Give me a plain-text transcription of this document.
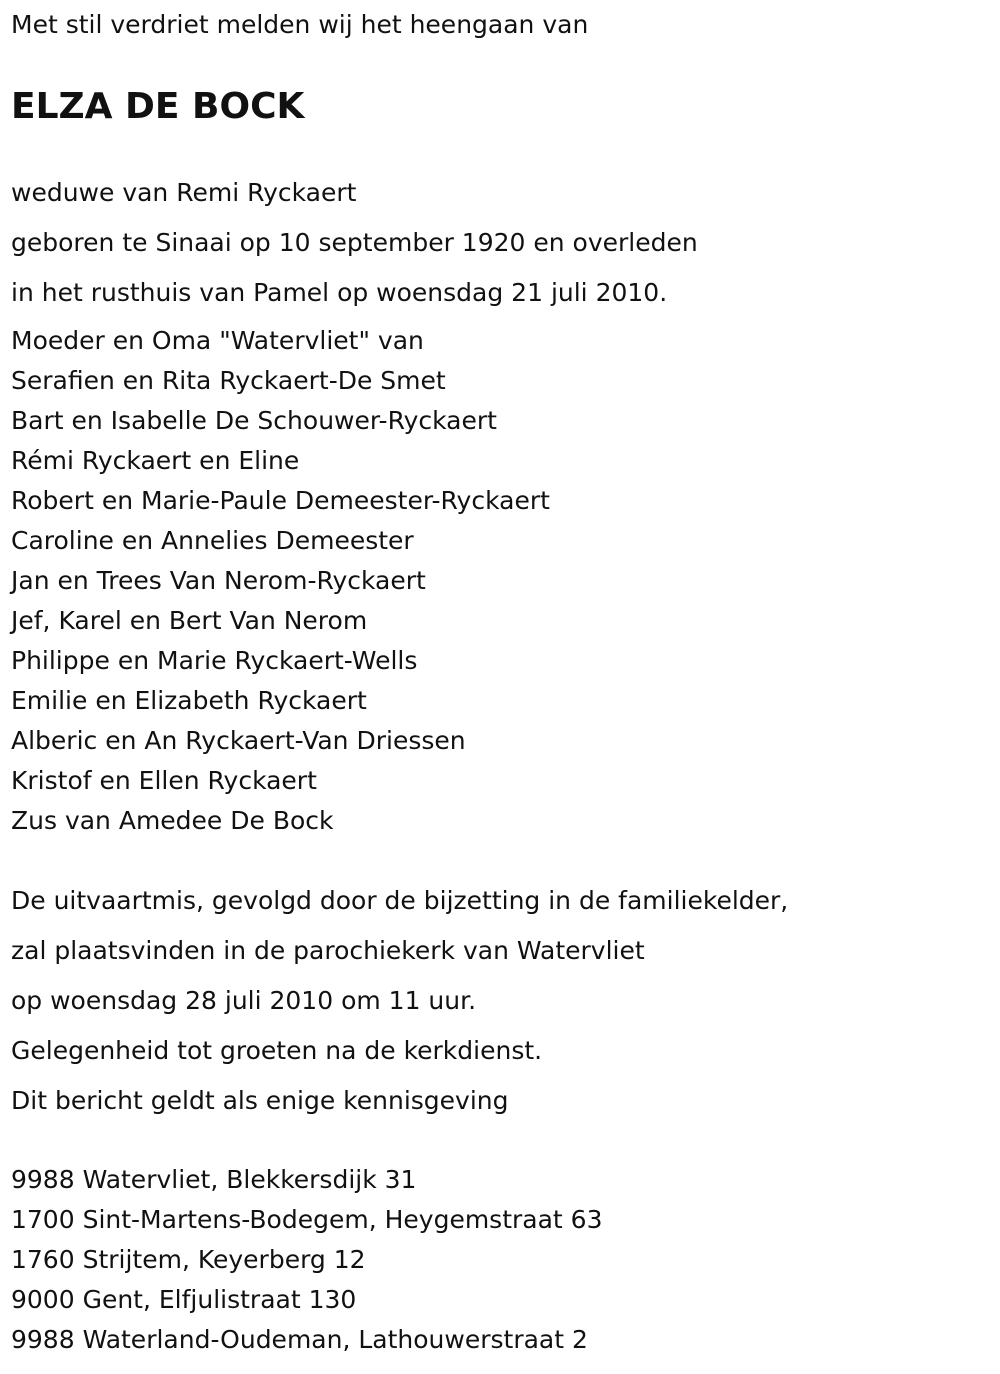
Met stil verdriet melden wij het heengaan van

ELZA DE BOCK

weduwe van Remi Ryckaert

geboren te Sinaai op 10 september 1920 en overleden

in het rusthuis van Pamel op woensdag 21 juli 2010.

Moeder en Oma "Watervliet" van

Serafien en Rita Ryckaert-De Smet

Bart en Isabelle De Schouwer-Ryckaert

Rémi Ryckaert en Eline

Robert en Marie-Paule Demeester-Ryckaert

Caroline en Annelies Demeester

Jan en Trees Van Nerom-Ryckaert

Jef, Karel en Bert Van Nerom

Philippe en Marie Ryckaert-Wells

Emilie en Elizabeth Ryckaert

Alberic en An Ryckaert-Van Driessen

Kristof en Ellen Ryckaert

Zus van Amedee De Bock

De uitvaartmis, gevolgd door de bijzetting in de familiekelder,

zal plaatsvinden in de parochiekerk van Watervliet

op woensdag 28 juli 2010 om 11 uur.

Gelegenheid tot groeten na de kerkdienst.

Dit bericht geldt als enige kennisgeving

9988 Watervliet, Blekkersdijk 31

1700 Sint-Martens-Bodegem, Heygemstraat 63

1760 Strijtem, Keyerberg 12

9000 Gent, Elfjulistraat 130

9988 Waterland-Oudeman, Lathouwerstraat 2
